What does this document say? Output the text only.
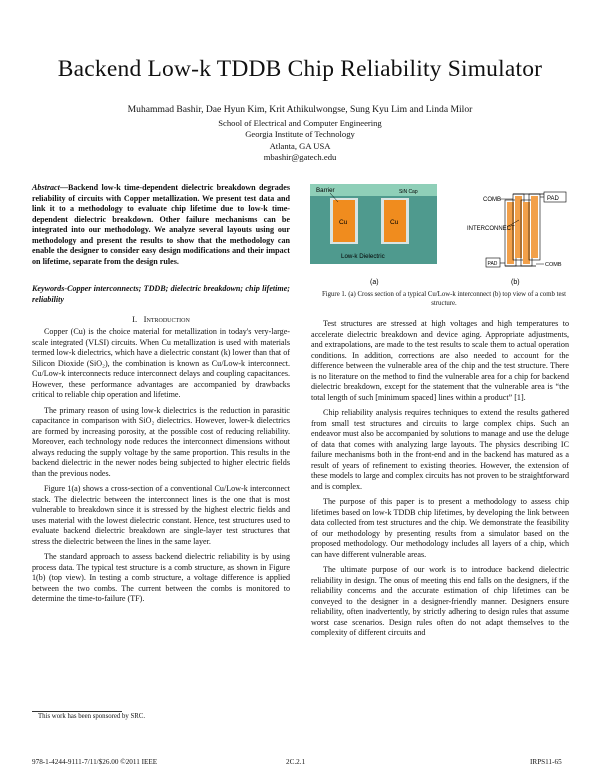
Backend Low-k TDDB Chip Reliability Simulator
Muhammad Bashir, Dae Hyun Kim, Krit Athikulwongse, Sung Kyu Lim and Linda Milor
School of Electrical and Computer Engineering
Georgia Institute of Technology
Atlanta, GA USA
mbashir@gatech.edu
Abstract—Backend low-k time-dependent dielectric breakdown degrades reliability of circuits with Copper metallization. We present test data and link it to a methodology to evaluate chip lifetime due to low-k time-dependent dielectric breakdown. Other failure mechanisms can be integrated into our methodology. We analyze several layouts using our methodology and present the results to show that the methodology can enable the designer to consider easy design modifications and their impact on lifetime, separate from the design rules.
Keywords-Copper interconnects; TDDB; dielectric breakdown; chip lifetime; reliability
I. Introduction

Copper (Cu) is the choice material for metallization in today's very-large-scale integrated (VLSI) circuits. When Cu metallization is used with materials termed low-k dielectrics, which have a dielectric constant (k) lower than that of Silicon Dioxide (SiO₂), the combination is known as Cu/Low-k interconnect. Cu/Low-k interconnects reduce interconnect delays and coupling capacitances. However, these performance advantages are accompanied by drawbacks critical to reliable chip operation and lifetime.

The primary reason of using low-k dielectrics is the reduction in parasitic capacitance in comparison with SiO₂ dielectrics. However, lower-k dielectrics are formed by increasing porosity, at the possible cost of reducing reliability. Moreover, each technology node reduces the interconnect dimensions without always reducing the supply voltage by the same proportion. This results in the backend dielectric in the newer nodes being subjected to higher electric fields than the previous nodes.

Figure 1(a) shows a cross-section of a conventional Cu/Low-k interconnect stack. The dielectric between the interconnect lines is the one that is most vulnerable to breakdown since it is stressed by the highest electric fields and uses material with the lowest dielectric constant. Hence, test structures used to evaluate backend dielectric breakdown are single-layer test structures that stress the dielectric between the lines in the same layer.

The standard approach to assess backend dielectric reliability is by using process data. The typical test structure is a comb structure, as shown in Figure 1(b) (top view). In testing a comb structure, a voltage difference is applied between the two combs. The current between the combs is monitored to determine the time-to-failure (TF).

Barrier	SiN Cap
Cu	Cu
Low-k Dielectric
(a)
PAD
PAD
COMB
INTERCONNECT
COMB
(b)
Figure 1. (a) Cross section of a typical Cu/Low-k interconnect (b) top view of a comb test structure.

Test structures are stressed at high voltages and high temperatures to accelerate dielectric breakdown and device aging. Appropriate adjustments, and extrapolations, are made to the test results to scale them to actual operation conditions. In addition, corrections are also needed to account for the difference between the vulnerable area of the chip and the test structure. There is no literature on the method to find the vulnerable area for a chip for backend dielectric breakdown, except for the statement that the vulnerable area is “the total length of such [minimum spaced] lines within a product” [1].

Chip reliability analysis requires techniques to extend the results gathered from small test structures and circuits to large complex chips. Such an endeavor must also be accompanied by solutions to manage and use the deluge of data that comes with analyzing large layouts. The physics describing IC failure mechanisms both in the front-end and in the backend has matured as a result of years of refinement to existing theories. However, the extension of these models to large and complex circuits has not proven to be straightforward and is complex.

The purpose of this paper is to present a methodology to assess chip lifetimes based on low-k TDDB chip lifetimes, by developing the link between data collected from test structures and the chip. We demonstrate the feasibility of our methodology by presenting results from a simulator based on the proposed methodology. Our methodology includes all layers of a chip, which can have different vulnerable areas.

The ultimate purpose of our work is to introduce backend dielectric reliability in design. The onus of meeting this end falls on the designers, if the reliability concerns and the accurate estimation of chip lifetimes can be conveyed to the designer in a designer-friendly manner. Designers ensure reliability, often inadvertently, by strictly adhering to design rules that assume worst case scenarios. Design rules often do not adapt themselves to the complexity of different circuits and

This work has been sponsored by SRC.
978-1-4244-9111-7/11/$26.00 ©2011 IEEE	2C.2.1	IRPS11-65
